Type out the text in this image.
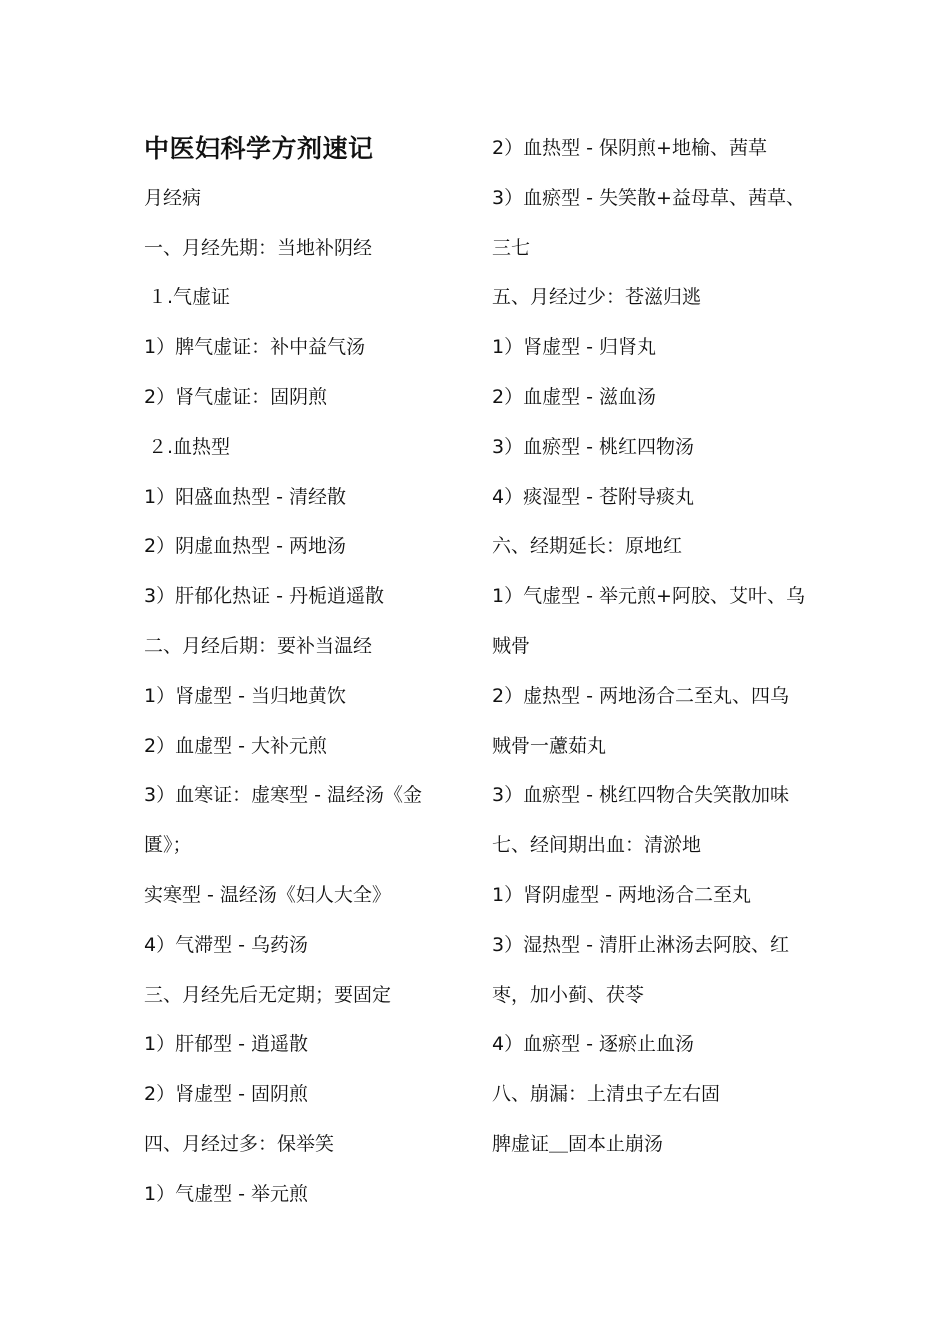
中医妇科学方剂速记
月经病
一、月经先期：当地补阴经
１.气虚证
1）脾气虚证：补中益气汤
2）肾气虚证：固阴煎
２.血热型
1）阳盛血热型 - 清经散
2）阴虚血热型 - 两地汤
3）肝郁化热证 - 丹栀逍遥散
二、月经后期：要补当温经
1）肾虚型 - 当归地黄饮
2）血虚型 - 大补元煎
3）血寒证：虚寒型 - 温经汤《金
匱》；
实寒型 - 温经汤《妇人大全》
4）气滞型 - 乌药汤
三、月经先后无定期；要固定
1）肝郁型 - 逍遥散
2）肾虚型 - 固阴煎
四、月经过多：保举笑
1）气虚型 - 举元煎
2）血热型 - 保阴煎+地榆、茜草
3）血瘀型 - 失笑散+益母草、茜草、
三七
五、月经过少：苍滋归逃
1）肾虚型 - 归肾丸
2）血虚型 - 滋血汤
3）血瘀型 - 桃红四物汤
4）痰湿型 - 苍附导痰丸
六、经期延长：原地红
1）气虚型 - 举元煎+阿胶、艾叶、乌
贼骨
2）虚热型 - 两地汤合二至丸、四乌
贼骨一藘茹丸
3）血瘀型 - 桃红四物合失笑散加味
七、经间期出血：清淤地
1）肾阴虚型 - 两地汤合二至丸
3）湿热型 - 清肝止淋汤去阿胶、红
枣，加小蓟、茯苓
4）血瘀型 - 逐瘀止血汤
八、崩漏：上清虫子左右固
脾虚证＿固本止崩汤
